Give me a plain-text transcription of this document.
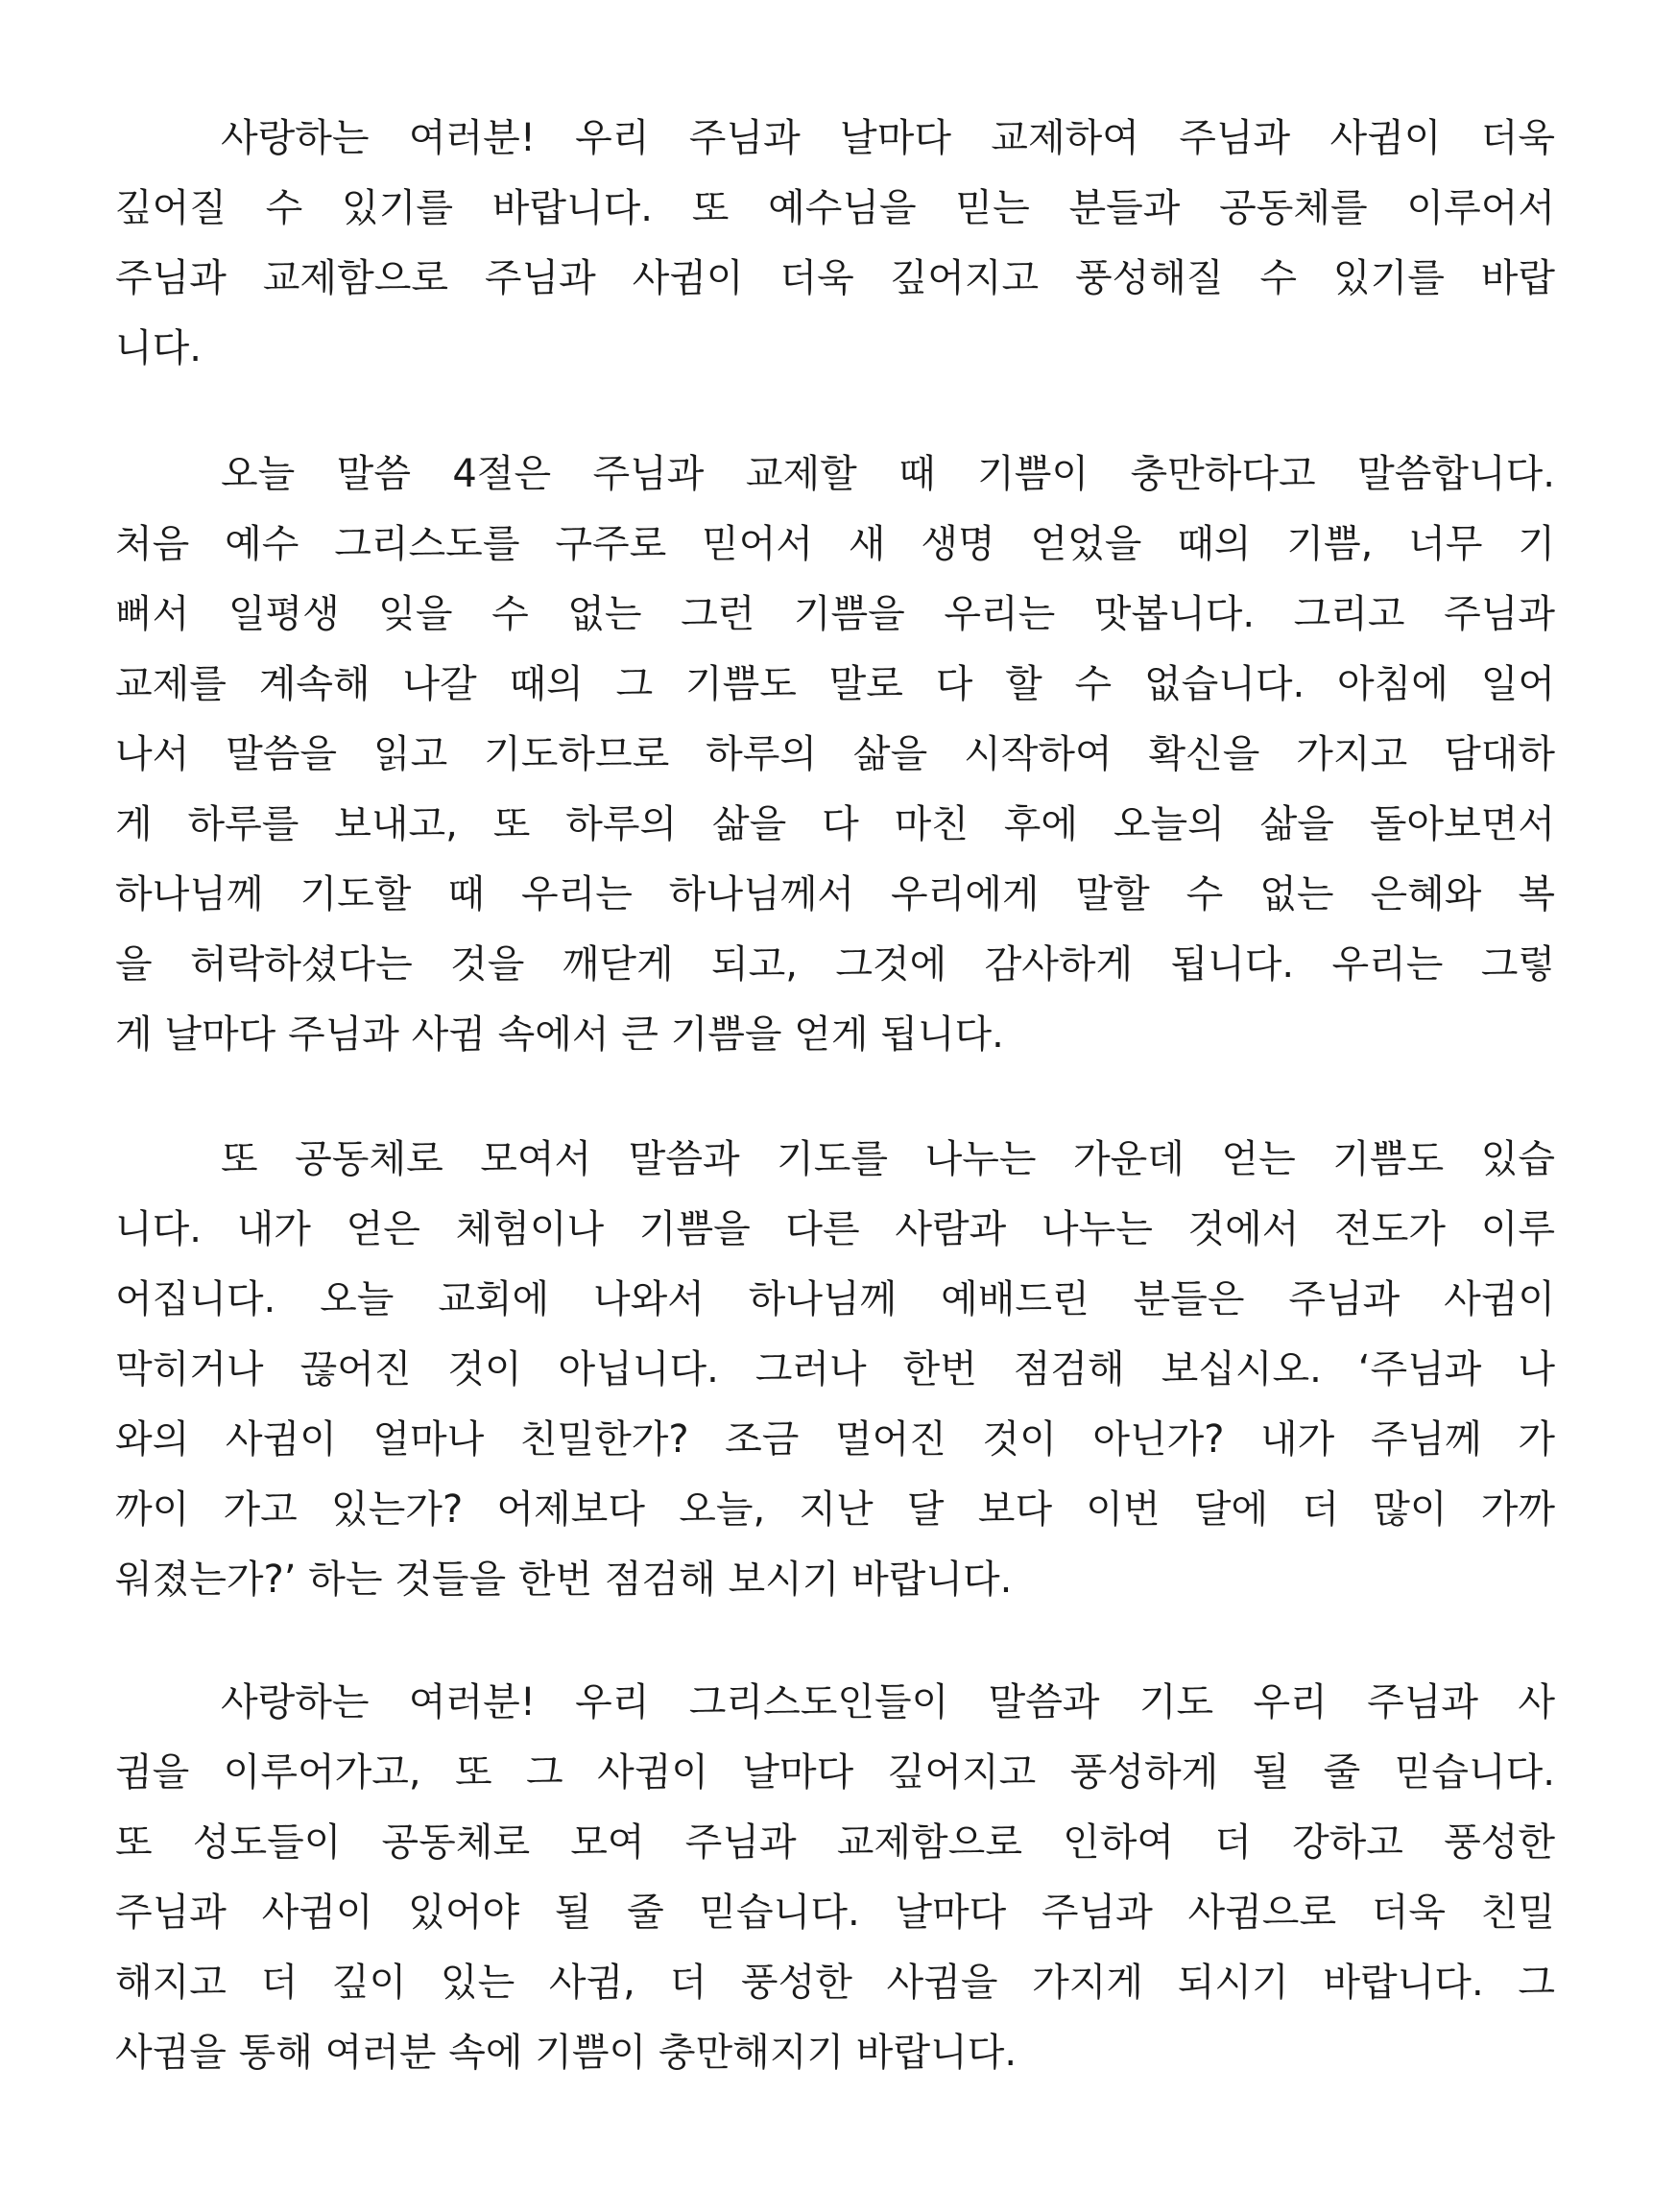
사랑하는 여러분! 우리 주님과 날마다 교제하여 주님과 사귐이 더욱
깊어질 수 있기를 바랍니다. 또 예수님을 믿는 분들과 공동체를 이루어서
주님과 교제함으로 주님과 사귐이 더욱 깊어지고 풍성해질 수 있기를 바랍
니다.
오늘 말씀 4절은 주님과 교제할 때 기쁨이 충만하다고 말씀합니다.
처음 예수 그리스도를 구주로 믿어서 새 생명 얻었을 때의 기쁨, 너무 기
뻐서 일평생 잊을 수 없는 그런 기쁨을 우리는 맛봅니다. 그리고 주님과
교제를 계속해 나갈 때의 그 기쁨도 말로 다 할 수 없습니다. 아침에 일어
나서 말씀을 읽고 기도하므로 하루의 삶을 시작하여 확신을 가지고 담대하
게 하루를 보내고, 또 하루의 삶을 다 마친 후에 오늘의 삶을 돌아보면서
하나님께 기도할 때 우리는 하나님께서 우리에게 말할 수 없는 은혜와 복
을 허락하셨다는 것을 깨닫게 되고, 그것에 감사하게 됩니다. 우리는 그렇
게 날마다 주님과 사귐 속에서 큰 기쁨을 얻게 됩니다.
또 공동체로 모여서 말씀과 기도를 나누는 가운데 얻는 기쁨도 있습
니다. 내가 얻은 체험이나 기쁨을 다른 사람과 나누는 것에서 전도가 이루
어집니다. 오늘 교회에 나와서 하나님께 예배드린 분들은 주님과 사귐이
막히거나 끊어진 것이 아닙니다. 그러나 한번 점검해 보십시오. ‘주님과 나
와의 사귐이 얼마나 친밀한가? 조금 멀어진 것이 아닌가? 내가 주님께 가
까이 가고 있는가? 어제보다 오늘, 지난 달 보다 이번 달에 더 많이 가까
워졌는가?’ 하는 것들을 한번 점검해 보시기 바랍니다.
사랑하는 여러분! 우리 그리스도인들이 말씀과 기도 우리 주님과 사
귐을 이루어가고, 또 그 사귐이 날마다 깊어지고 풍성하게 될 줄 믿습니다.
또 성도들이 공동체로 모여 주님과 교제함으로 인하여 더 강하고 풍성한
주님과 사귐이 있어야 될 줄 믿습니다. 날마다 주님과 사귐으로 더욱 친밀
해지고 더 깊이 있는 사귐, 더 풍성한 사귐을 가지게 되시기 바랍니다. 그
사귐을 통해 여러분 속에 기쁨이 충만해지기 바랍니다.
